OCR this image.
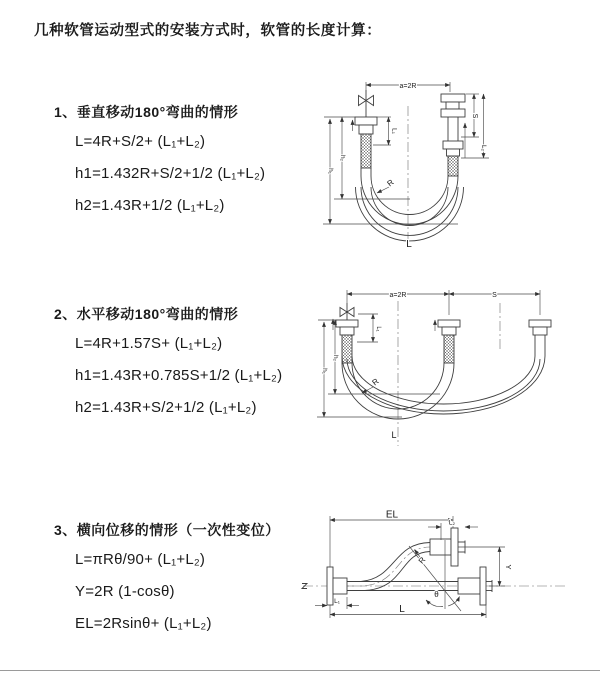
几种软管运动型式的安装方式时，软管的长度计算：
1、垂直移动180°弯曲的情形
L=4R+S/2+ (L₁+L₂)
h1=1.432R+S/2+1/2 (L₁+L₂)
h2=1.43R+1/2 (L₁+L₂)
2、水平移动180°弯曲的情形
L=4R+1.57S+ (L₁+L₂)
h1=1.43R+0.785S+1/2 (L₁+L₂)
h2=1.43R+S/2+1/2 (L₁+L₂)
3、横向位移的情形（一次性变位）
L=πRθ/90+ (L₁+L₂)
Y=2R (1-cosθ)
EL=2Rsinθ+ (L₁+L₂)
a=2R
L₁
S
L₂
h₂
h₁
R
L
a=2R	S
L₁
h₂
h₁
R
L
θ
R
EL
L₂
Y
L₁
L
